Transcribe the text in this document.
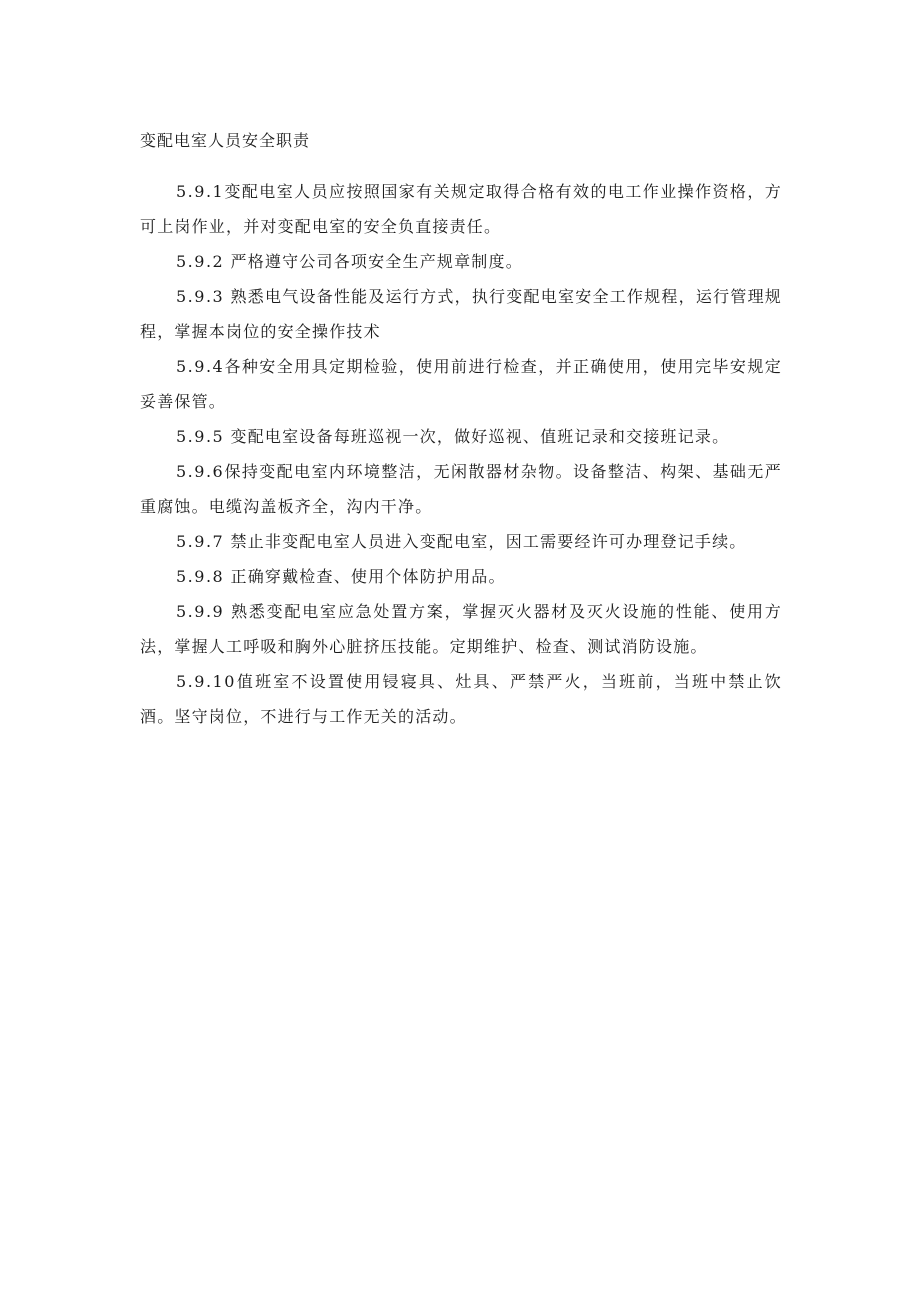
变配电室人员安全职责
5.9.1变配电室人员应按照国家有关规定取得合格有效的电工作业操作资格，方可上岗作业，并对变配电室的安全负直接责任。
5.9.2 严格遵守公司各项安全生产规章制度。
5.9.3 熟悉电气设备性能及运行方式，执行变配电室安全工作规程，运行管理规程，掌握本岗位的安全操作技术
5.9.4各种安全用具定期检验，使用前进行检查，并正确使用，使用完毕安规定妥善保管。
5.9.5 变配电室设备每班巡视一次，做好巡视、值班记录和交接班记录。
5.9.6保持变配电室内环境整洁，无闲散器材杂物。设备整洁、构架、基础无严重腐蚀。电缆沟盖板齐全，沟内干净。
5.9.7 禁止非变配电室人员进入变配电室，因工需要经许可办理登记手续。
5.9.8 正确穿戴检查、使用个体防护用品。
5.9.9 熟悉变配电室应急处置方案，掌握灭火器材及灭火设施的性能、使用方法，掌握人工呼吸和胸外心脏挤压技能。定期维护、检查、测试消防设施。
5.9.10值班室不设置使用锓寝具、灶具、严禁严火，当班前，当班中禁止饮酒。坚守岗位，不进行与工作无关的活动。
